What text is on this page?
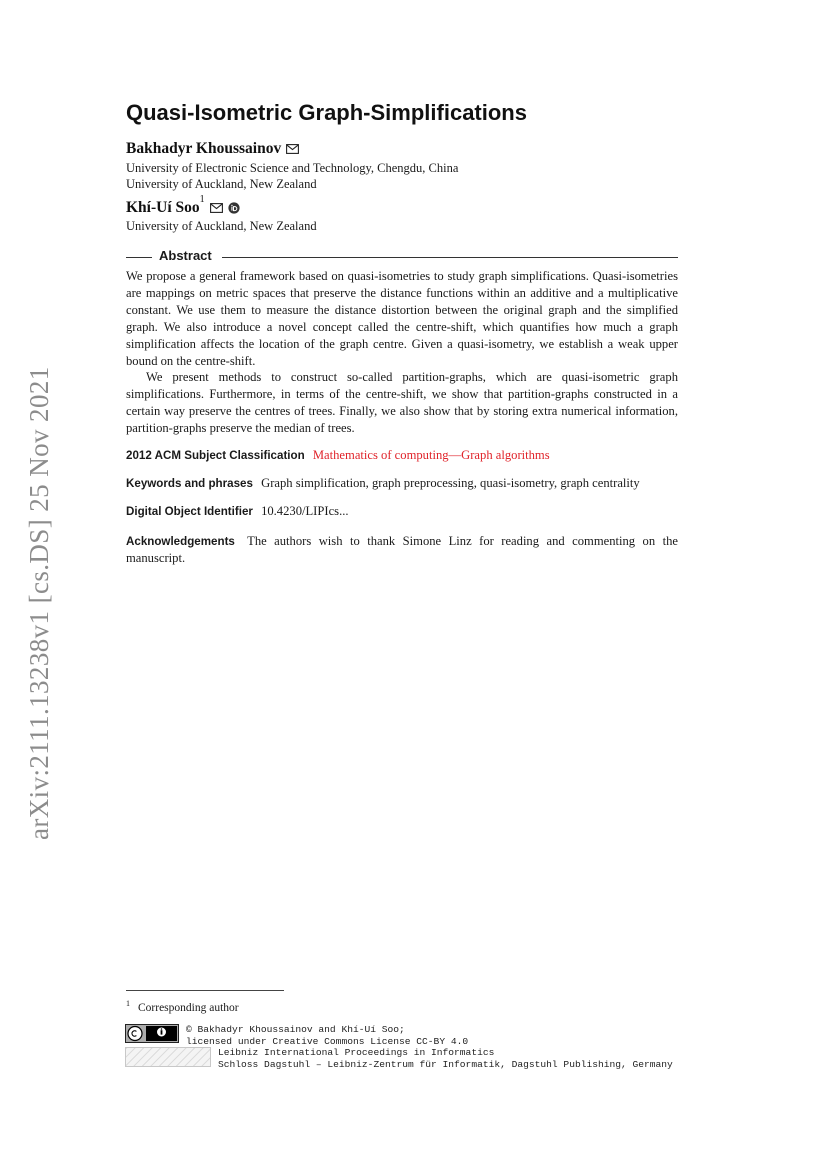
arXiv:2111.13238v1 [cs.DS] 25 Nov 2021
Quasi-Isometric Graph-Simplifications
Bakhadyr Khoussainov
University of Electronic Science and Technology, Chengdu, China
University of Auckland, New Zealand
Khí-Uí Soo$^1$
University of Auckland, New Zealand
Abstract

We propose a general framework based on quasi-isometries to study graph simplifications. Quasi-isometries are mappings on metric spaces that preserve the distance functions within an additive and a multiplicative constant. We use them to measure the distance distortion between the original graph and the simplified graph. We also introduce a novel concept called the centre-shift, which quantifies how much a graph simplification affects the location of the graph centre. Given a quasi-isometry, we establish a weak upper bound on the centre-shift.

We present methods to construct so-called partition-graphs, which are quasi-isometric graph simplifications. Furthermore, in terms of the centre-shift, we show that partition-graphs constructed in a certain way preserve the centres of trees. Finally, we also show that by storing extra numerical information, partition-graphs preserve the median of trees.

2012 ACM Subject Classification Mathematics of computing—Graph algorithms

Keywords and phrases Graph simplification, graph preprocessing, quasi-isometry, graph centrality

Digital Object Identifier 10.4230/LIPIcs...

Acknowledgements The authors wish to thank Simone Linz for reading and commenting on the manuscript.

$^1$ Corresponding author
© Bakhadyr Khoussainov and Khí-Uí Soo;
licensed under Creative Commons License CC-BY 4.0
Leibniz International Proceedings in Informatics
Schloss Dagstuhl – Leibniz-Zentrum für Informatik, Dagstuhl Publishing, Germany
